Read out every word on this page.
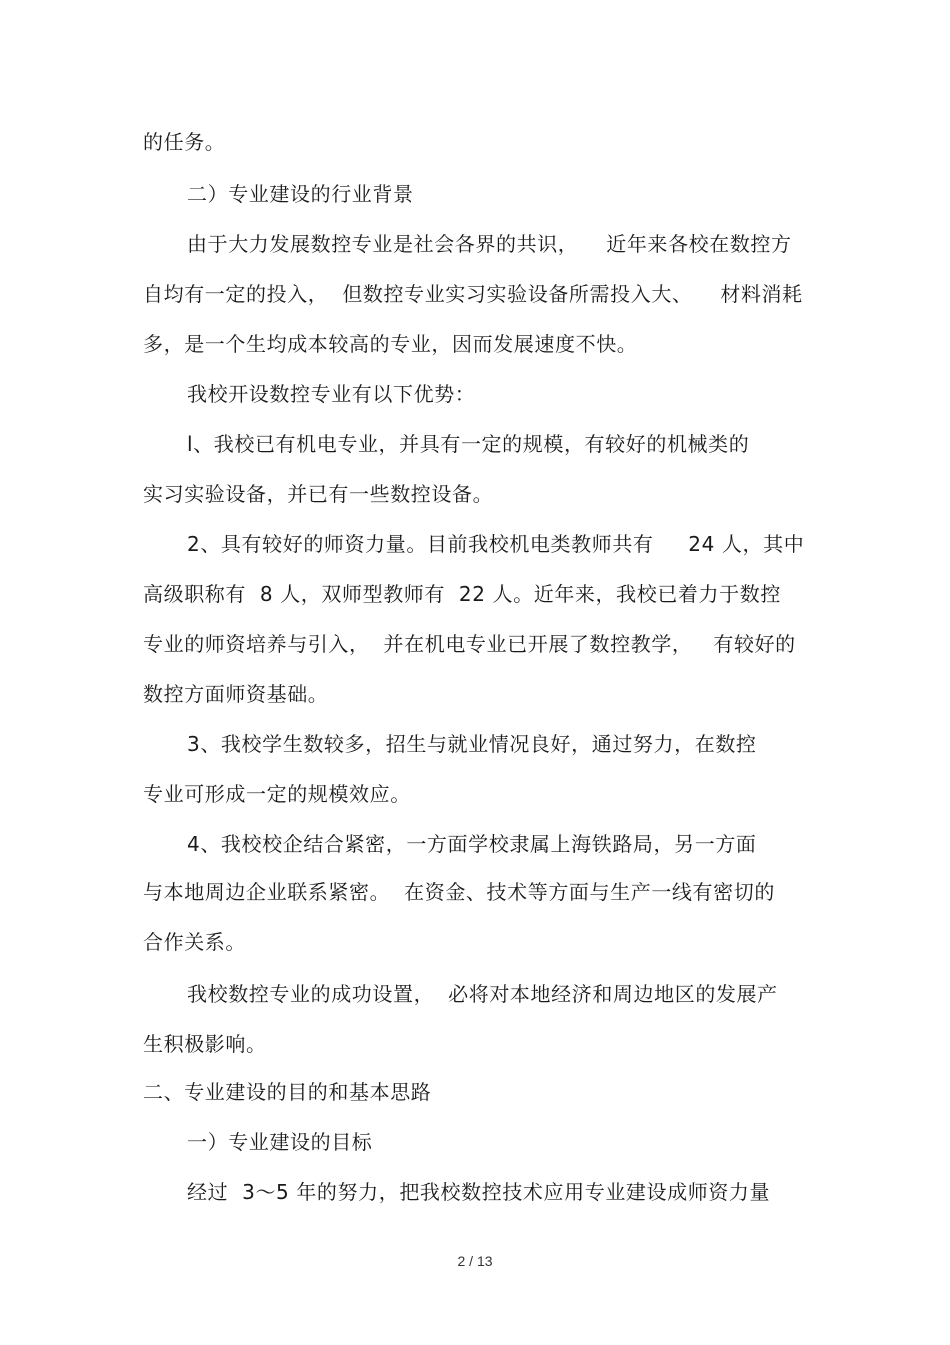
的任务。
二）专业建设的行业背景
由于大力发展数控专业是社会各界的共识，    近年来各校在数控方
自均有一定的投入，  但数控专业实习实验设备所需投入大、    材料消耗
多，是一个生均成本较高的专业，因而发展速度不快。
我校开设数控专业有以下优势：
l、我校已有机电专业，并具有一定的规模，有较好的机械类的
实习实验设备，并已有一些数控设备。
2、具有较好的师资力量。目前我校机电类教师共有     24 人，其中
高级职称有  8 人，双师型教师有  22 人。近年来，我校已着力于数控
专业的师资培养与引入，  并在机电专业已开展了数控教学，   有较好的
数控方面师资基础。
3、我校学生数较多，招生与就业情况良好，通过努力，在数控
专业可形成一定的规模效应。
4、我校校企结合紧密，一方面学校隶属上海铁路局，另一方面
与本地周边企业联系紧密。  在资金、技术等方面与生产一线有密切的
合作关系。
我校数控专业的成功设置，  必将对本地经济和周边地区的发展产
生积极影响。
二、专业建设的目的和基本思路
一）专业建设的目标
经过  3～5 年的努力，把我校数控技术应用专业建设成师资力量
2 / 13
